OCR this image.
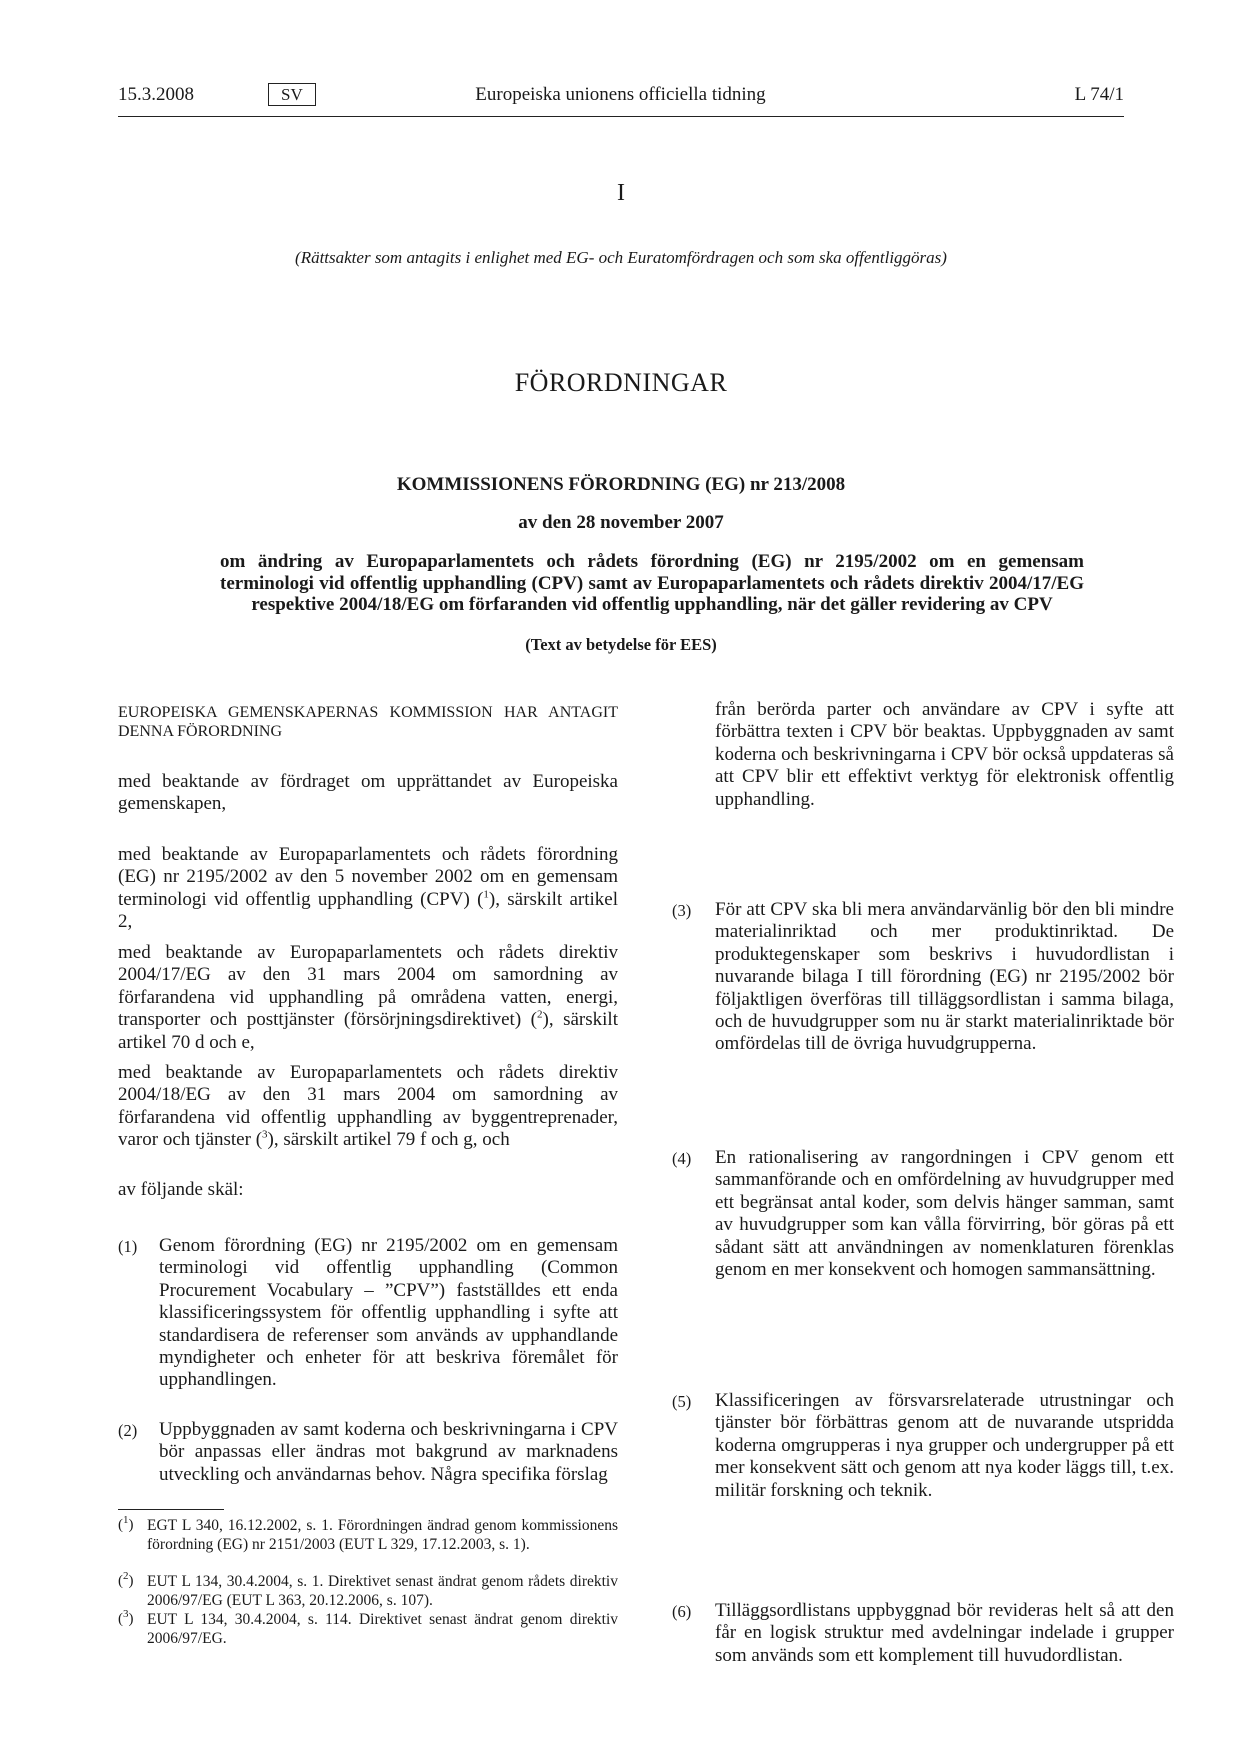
15.3.2008	SV	Europeiska unionens officiella tidning	L 74/1
I
(Rättsakter som antagits i enlighet med EG- och Euratomfördragen och som ska offentliggöras)
FÖRORDNINGAR
KOMMISSIONENS FÖRORDNING (EG) nr 213/2008
av den 28 november 2007
om ändring av Europaparlamentets och rådets förordning (EG) nr 2195/2002 om en gemensam terminologi vid offentlig upphandling (CPV) samt av Europaparlamentets och rådets direktiv 2004/17/EG respektive 2004/18/EG om förfaranden vid offentlig upphandling, när det gäller revidering av CPV
(Text av betydelse för EES)
EUROPEISKA GEMENSKAPERNAS KOMMISSION HAR ANTAGIT DENNA FÖRORDNING
med beaktande av fördraget om upprättandet av Europeiska gemenskapen,
med beaktande av Europaparlamentets och rådets förordning (EG) nr 2195/2002 av den 5 november 2002 om en gemensam terminologi vid offentlig upphandling (CPV) ($^1$), särskilt artikel 2,
med beaktande av Europaparlamentets och rådets direktiv 2004/17/EG av den 31 mars 2004 om samordning av förfarandena vid upphandling på områdena vatten, energi, transporter och posttjänster (försörjningsdirektivet) ($^2$), särskilt artikel 70 d och e,
med beaktande av Europaparlamentets och rådets direktiv 2004/18/EG av den 31 mars 2004 om samordning av förfarandena vid offentlig upphandling av byggentreprenader, varor och tjänster ($^3$), särskilt artikel 79 f och g, och
av följande skäl:
(1) Genom förordning (EG) nr 2195/2002 om en gemensam terminologi vid offentlig upphandling (Common Procurement Vocabulary – ”CPV”) fastställdes ett enda klassificeringssystem för offentlig upphandling i syfte att standardisera de referenser som används av upphandlande myndigheter och enheter för att beskriva föremålet för upphandlingen.
(2) Uppbyggnaden av samt koderna och beskrivningarna i CPV bör anpassas eller ändras mot bakgrund av marknadens utveckling och användarnas behov. Några specifika förslag
($^1$) EGT L 340, 16.12.2002, s. 1. Förordningen ändrad genom kommissionens förordning (EG) nr 2151/2003 (EUT L 329, 17.12.2003, s. 1).
($^2$) EUT L 134, 30.4.2004, s. 1. Direktivet senast ändrat genom rådets direktiv 2006/97/EG (EUT L 363, 20.12.2006, s. 107).
($^3$) EUT L 134, 30.4.2004, s. 114. Direktivet senast ändrat genom direktiv 2006/97/EG.
från berörda parter och användare av CPV i syfte att förbättra texten i CPV bör beaktas. Uppbyggnaden av samt koderna och beskrivningarna i CPV bör också uppdateras så att CPV blir ett effektivt verktyg för elektronisk offentlig upphandling.
(3) För att CPV ska bli mera användarvänlig bör den bli mindre materialinriktad och mer produktinriktad. De produktegenskaper som beskrivs i huvudordlistan i nuvarande bilaga I till förordning (EG) nr 2195/2002 bör följaktligen överföras till tilläggsordlistan i samma bilaga, och de huvudgrupper som nu är starkt materialinriktade bör omfördelas till de övriga huvudgrupperna.
(4) En rationalisering av rangordningen i CPV genom ett sammanförande och en omfördelning av huvudgrupper med ett begränsat antal koder, som delvis hänger samman, samt av huvudgrupper som kan vålla förvirring, bör göras på ett sådant sätt att användningen av nomenklaturen förenklas genom en mer konsekvent och homogen sammansättning.
(5) Klassificeringen av försvarsrelaterade utrustningar och tjänster bör förbättras genom att de nuvarande utspridda koderna omgrupperas i nya grupper och undergrupper på ett mer konsekvent sätt och genom att nya koder läggs till, t.ex. militär forskning och teknik.
(6) Tilläggsordlistans uppbyggnad bör revideras helt så att den får en logisk struktur med avdelningar indelade i grupper som används som ett komplement till huvudordlistan.
